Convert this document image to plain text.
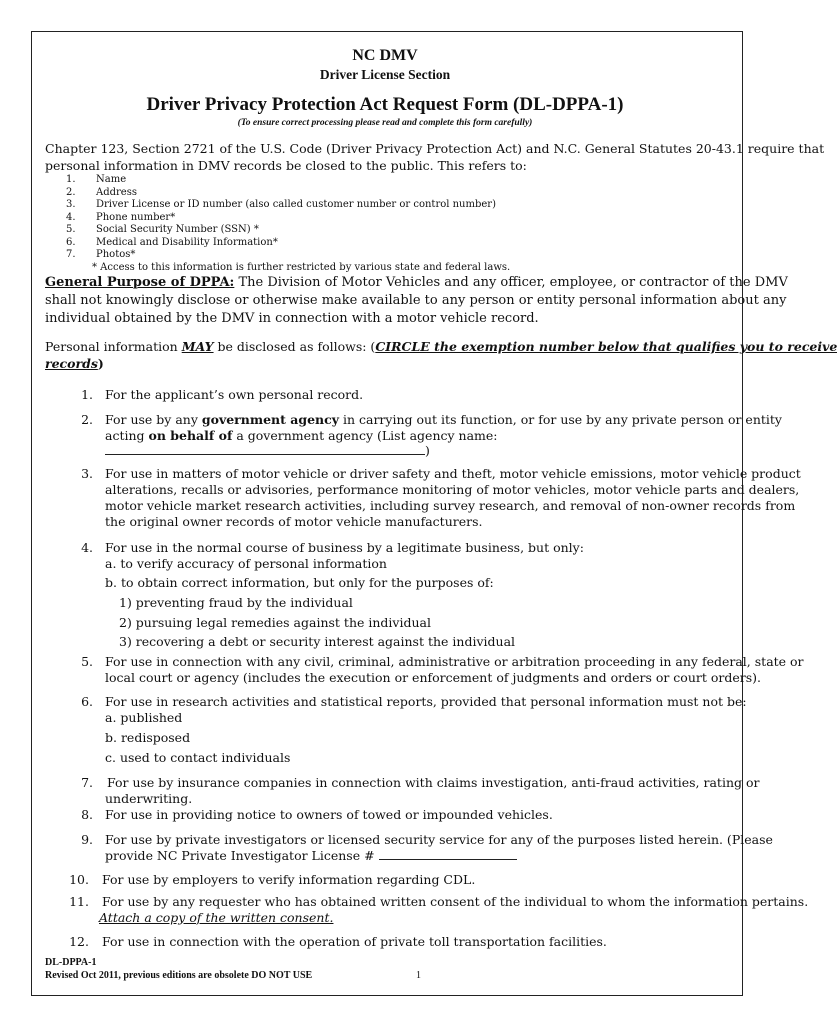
NC DMV
Driver License Section
Driver Privacy Protection Act Request Form (DL-DPPA-1)
(To ensure correct processing please read and complete this form carefully)
Chapter 123, Section 2721 of the U.S. Code (Driver Privacy Protection Act) and N.C. General Statutes 20-43.1 require that
personal information in DMV records be closed to the public. This refers to:
1. Name
2. Address
3. Driver License or ID number (also called customer number or control number)
4. Phone number*
5. Social Security Number (SSN) *
6. Medical and Disability Information*
7. Photos*
* Access to this information is further restricted by various state and federal laws.
General Purpose of DPPA: The Division of Motor Vehicles and any officer, employee, or contractor of the DMV
shall not knowingly disclose or otherwise make available to any person or entity personal information about any
individual obtained by the DMV in connection with a motor vehicle record.
Personal information MAY be disclosed as follows: (CIRCLE the exemption number below that qualifies you to receive
records)
1. For the applicant’s own personal record.
2. For use by any government agency in carrying out its function, or for use by any private person or entity
acting on behalf of a government agency (List agency name:
)
3. For use in matters of motor vehicle or driver safety and theft, motor vehicle emissions, motor vehicle product
alterations, recalls or advisories, performance monitoring of motor vehicles, motor vehicle parts and dealers,
motor vehicle market research activities, including survey research, and removal of non-owner records from
the original owner records of motor vehicle manufacturers.
4. For use in the normal course of business by a legitimate business, but only:
a. to verify accuracy of personal information
b. to obtain correct information, but only for the purposes of:
1) preventing fraud by the individual
2) pursuing legal remedies against the individual
3) recovering a debt or security interest against the individual
5. For use in connection with any civil, criminal, administrative or arbitration proceeding in any federal, state or
local court or agency (includes the execution or enforcement of judgments and orders or court orders).
6. For use in research activities and statistical reports, provided that personal information must not be:
a. published
b. redisposed
c. used to contact individuals
7. For use by insurance companies in connection with claims investigation, anti-fraud activities, rating or
underwriting.
8. For use in providing notice to owners of towed or impounded vehicles.
9. For use by private investigators or licensed security service for any of the purposes listed herein. (Please
provide NC Private Investigator License #
10. For use by employers to verify information regarding CDL.
11. For use by any requester who has obtained written consent of the individual to whom the information pertains.
Attach a copy of the written consent.
12. For use in connection with the operation of private toll transportation facilities.
DL-DPPA-1
Revised Oct 2011, previous editions are obsolete DO NOT USE	1
